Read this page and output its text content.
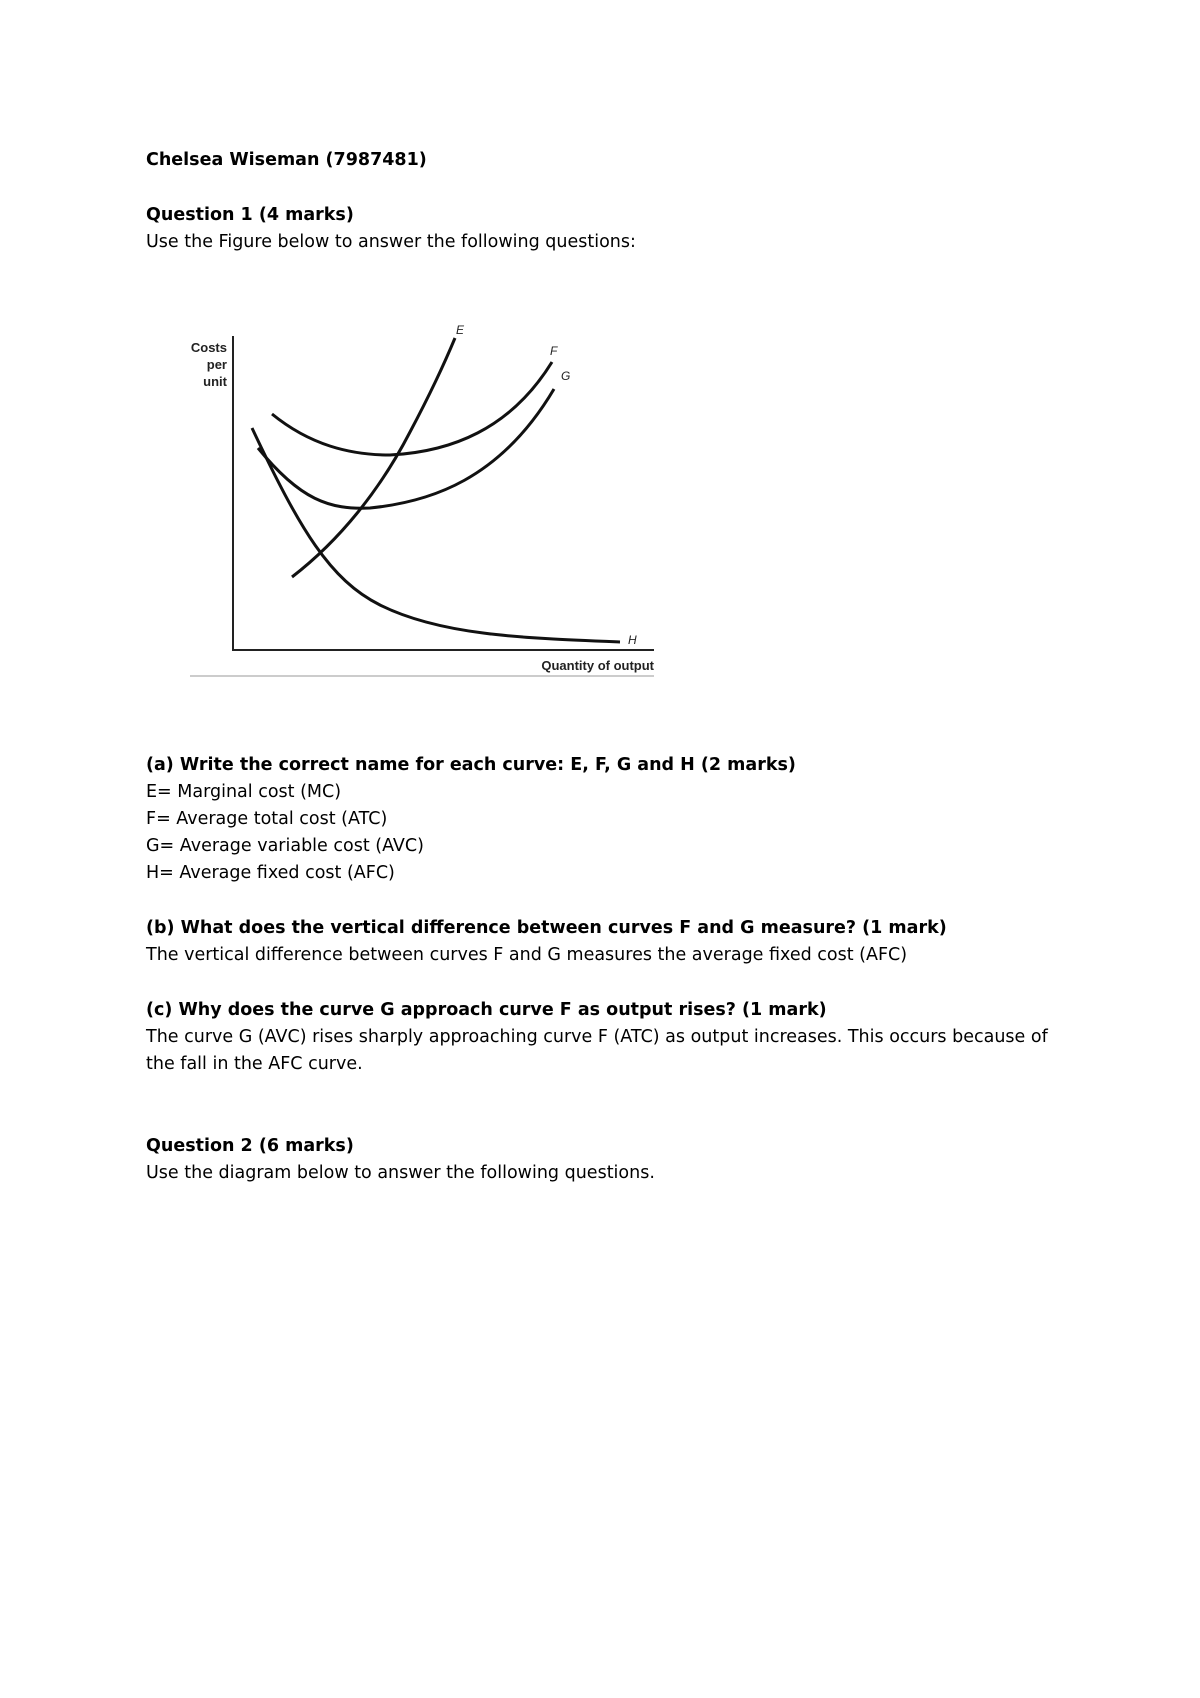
Chelsea Wiseman (7987481)
Question 1 (4 marks)
Use the Figure below to answer the following questions:
Costs
per
unit
Quantity of output
E
F
G
H
(a) Write the correct name for each curve: E, F, G and H (2 marks)
E= Marginal cost (MC)
F= Average total cost (ATC)
G= Average variable cost (AVC)
H= Average fixed cost (AFC)
(b) What does the vertical difference between curves F and G measure? (1 mark)
The vertical difference between curves F and G measures the average fixed cost (AFC)
(c) Why does the curve G approach curve F as output rises? (1 mark)
The curve G (AVC) rises sharply approaching curve F (ATC) as output increases. This occurs because of the fall in the AFC curve.
Question 2 (6 marks)
Use the diagram below to answer the following questions.
